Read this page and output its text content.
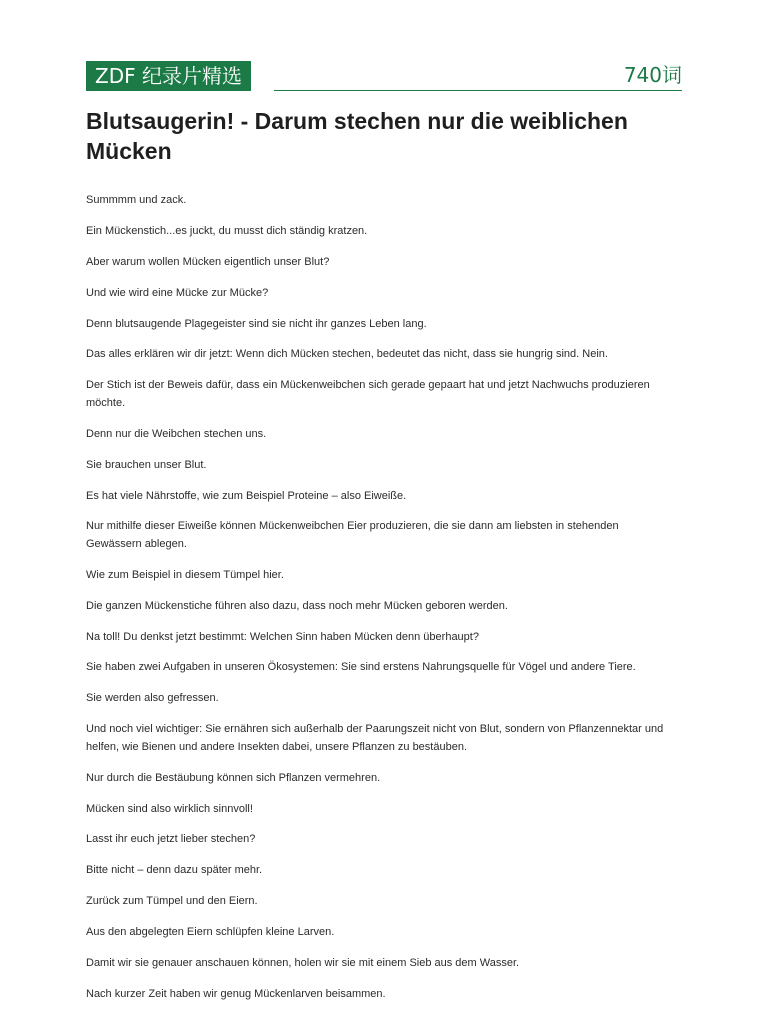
ZDF 纪录片精选	740词
Blutsaugerin! - Darum stechen nur die weiblichen Mücken

Summmm und zack.

Ein Mückenstich...es juckt, du musst dich ständig kratzen.

Aber warum wollen Mücken eigentlich unser Blut?

Und wie wird eine Mücke zur Mücke?

Denn blutsaugende Plagegeister sind sie nicht ihr ganzes Leben lang.

Das alles erklären wir dir jetzt: Wenn dich Mücken stechen, bedeutet das nicht, dass sie hungrig sind. Nein.

Der Stich ist der Beweis dafür, dass ein Mückenweibchen sich gerade gepaart hat und jetzt Nachwuchs produzieren möchte.

Denn nur die Weibchen stechen uns.

Sie brauchen unser Blut.

Es hat viele Nährstoffe, wie zum Beispiel Proteine – also Eiweiße.

Nur mithilfe dieser Eiweiße können Mückenweibchen Eier produzieren, die sie dann am liebsten in stehenden Gewässern ablegen.

Wie zum Beispiel in diesem Tümpel hier.

Die ganzen Mückenstiche führen also dazu, dass noch mehr Mücken geboren werden.

Na toll! Du denkst jetzt bestimmt: Welchen Sinn haben Mücken denn überhaupt?

Sie haben zwei Aufgaben in unseren Ökosystemen: Sie sind erstens Nahrungsquelle für Vögel und andere Tiere.

Sie werden also gefressen.

Und noch viel wichtiger: Sie ernähren sich außerhalb der Paarungszeit nicht von Blut, sondern von Pflanzennektar und helfen, wie Bienen und andere Insekten dabei, unsere Pflanzen zu bestäuben.

Nur durch die Bestäubung können sich Pflanzen vermehren.

Mücken sind also wirklich sinnvoll!

Lasst ihr euch jetzt lieber stechen?

Bitte nicht – denn dazu später mehr.

Zurück zum Tümpel und den Eiern.

Aus den abgelegten Eiern schlüpfen kleine Larven.

Damit wir sie genauer anschauen können, holen wir sie mit einem Sieb aus dem Wasser.

Nach kurzer Zeit haben wir genug Mückenlarven beisammen.
